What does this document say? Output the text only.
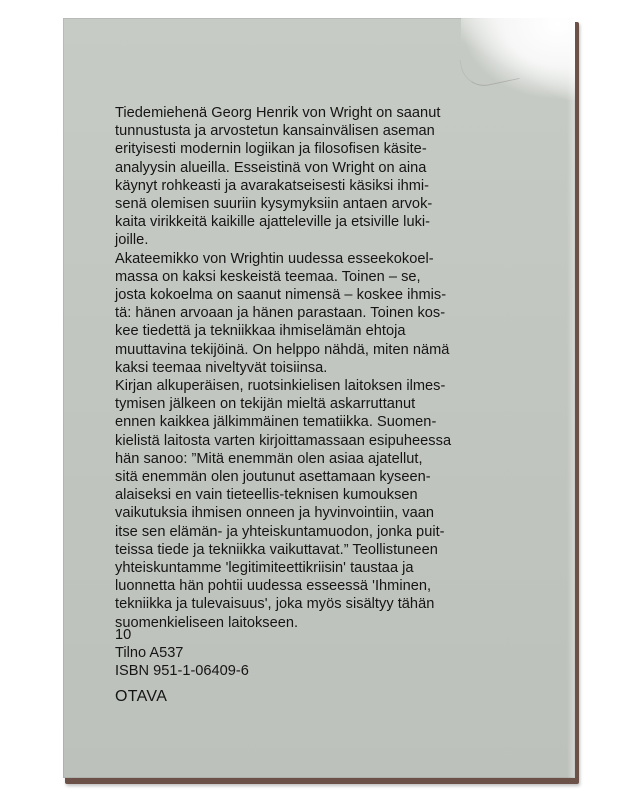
Tiedemiehenä Georg Henrik von Wright on saanut
tunnustusta ja arvostetun kansainvälisen aseman
erityisesti modernin logiikan ja filosofisen käsite-
analyysin alueilla. Esseistinä von Wright on aina
käynyt rohkeasti ja avarakatseisesti käsiksi ihmi-
senä olemisen suuriin kysymyksiin antaen arvok-
kaita virikkeitä kaikille ajatteleville ja etsiville luki-
joille.
Akateemikko von Wrightin uudessa esseekokoel-
massa on kaksi keskeistä teemaa. Toinen – se,
josta kokoelma on saanut nimensä – koskee ihmis-
tä: hänen arvoaan ja hänen parastaan. Toinen kos-
kee tiedettä ja tekniikkaa ihmiselämän ehtoja
muuttavina tekijöinä. On helppo nähdä, miten nämä
kaksi teemaa niveltyvät toisiinsa.
Kirjan alkuperäisen, ruotsinkielisen laitoksen ilmes-
tymisen jälkeen on tekijän mieltä askarruttanut
ennen kaikkea jälkimmäinen tematiikka. Suomen-
kielistä laitosta varten kirjoittamassaan esipuheessa
hän sanoo: ”Mitä enemmän olen asiaa ajatellut,
sitä enemmän olen joutunut asettamaan kyseen-
alaiseksi en vain tieteellis-teknisen kumouksen
vaikutuksia ihmisen onneen ja hyvinvointiin, vaan
itse sen elämän- ja yhteiskuntamuodon, jonka puit-
teissa tiede ja tekniikka vaikuttavat.” Teollistuneen
yhteiskuntamme 'legitimiteettikriisin' taustaa ja
luonnetta hän pohtii uudessa esseessä 'Ihminen,
tekniikka ja tulevaisuus', joka myös sisältyy tähän
suomenkieliseen laitokseen.
10
Tilno A537
ISBN 951-1-06409-6
OTAVA
